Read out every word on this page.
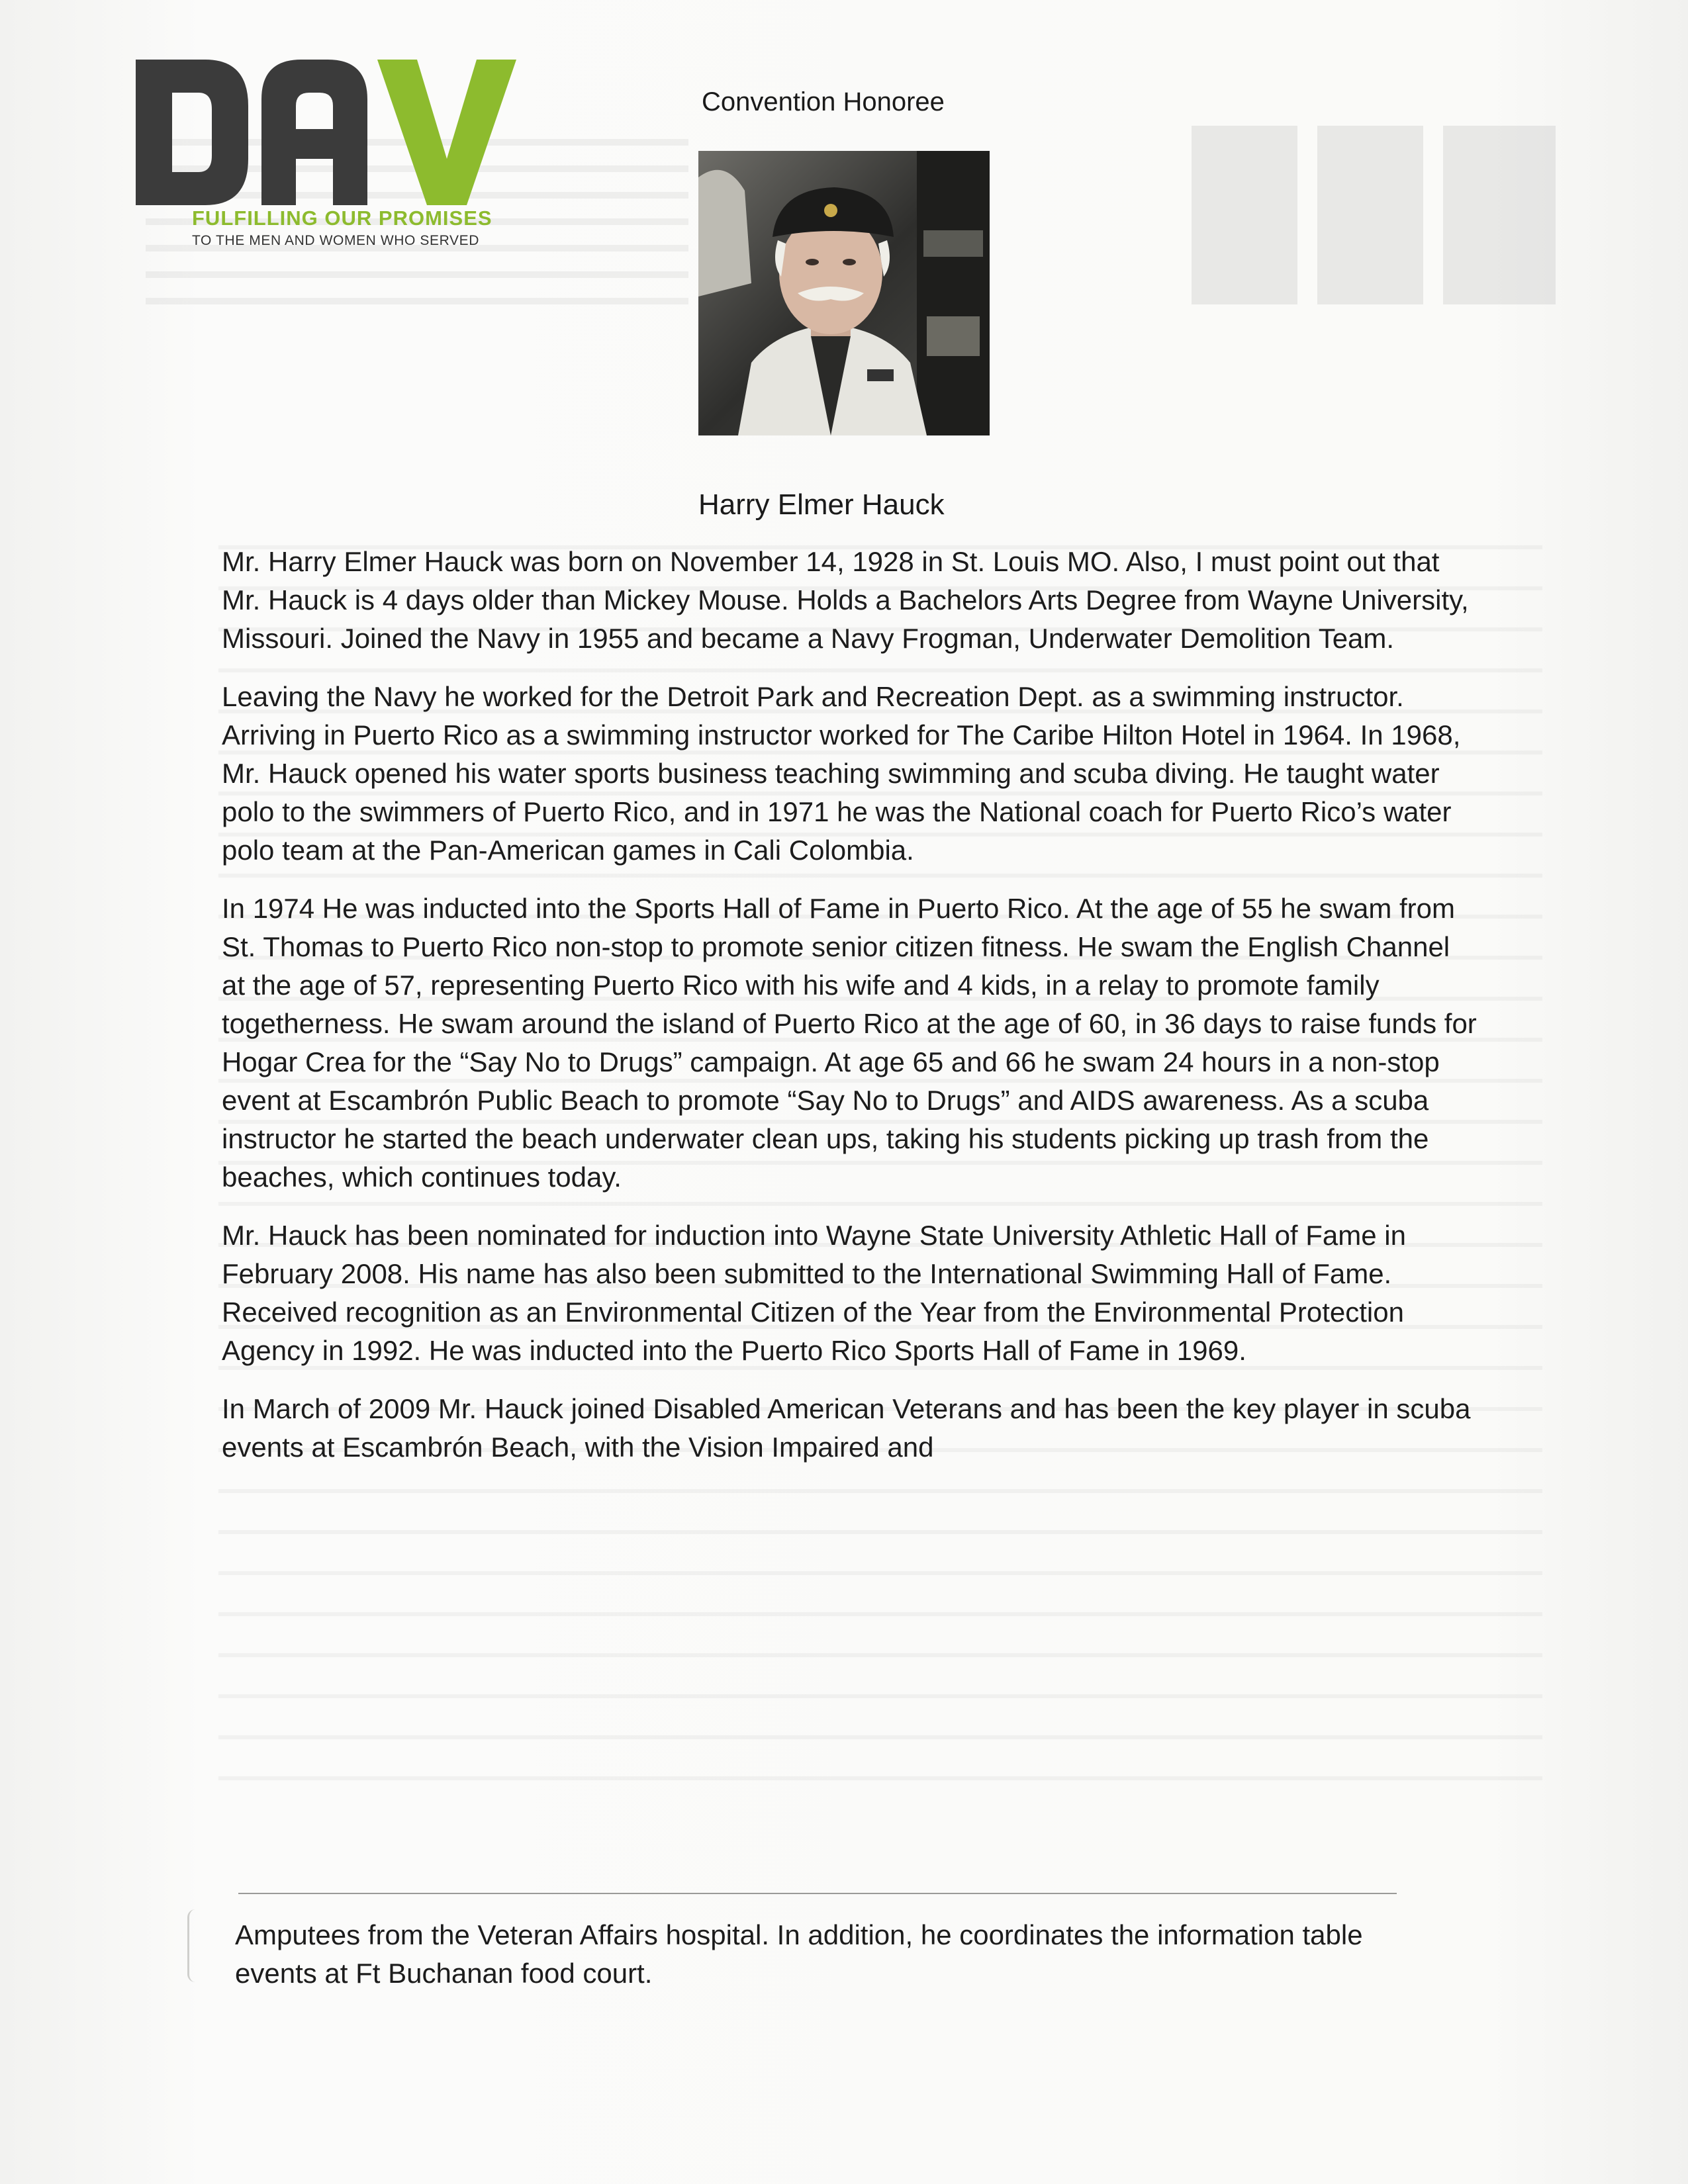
FULFILLING OUR PROMISES
TO THE MEN AND WOMEN WHO SERVED
Convention Honoree
Harry Elmer Hauck

Mr. Harry Elmer Hauck was born on November 14, 1928 in St. Louis MO. Also, I must point out that Mr. Hauck is 4 days older than Mickey Mouse. Holds a Bachelors Arts Degree from Wayne University, Missouri. Joined the Navy in 1955 and became a Navy Frogman, Underwater Demolition Team.

Leaving the Navy he worked for the Detroit Park and Recreation Dept. as a swimming instructor. Arriving in Puerto Rico as a swimming instructor worked for The Caribe Hilton Hotel in 1964. In 1968, Mr. Hauck opened his water sports business teaching swimming and scuba diving. He taught water polo to the swimmers of Puerto Rico, and in 1971 he was the National coach for Puerto Rico’s water polo team at the Pan-American games in Cali Colombia.

In 1974 He was inducted into the Sports Hall of Fame in Puerto Rico. At the age of 55 he swam from St. Thomas to Puerto Rico non-stop to promote senior citizen fitness. He swam the English Channel at the age of 57, representing Puerto Rico with his wife and 4 kids, in a relay to promote family togetherness. He swam around the island of Puerto Rico at the age of 60, in 36 days to raise funds for Hogar Crea for the “Say No to Drugs” campaign. At age 65 and 66 he swam 24 hours in a non-stop event at Escambrón Public Beach to promote “Say No to Drugs” and AIDS awareness. As a scuba instructor he started the beach underwater clean ups, taking his students picking up trash from the beaches, which continues today.

Mr. Hauck has been nominated for induction into Wayne State University Athletic Hall of Fame in February 2008. His name has also been submitted to the International Swimming Hall of Fame. Received recognition as an Environmental Citizen of the Year from the Environmental Protection Agency in 1992. He was inducted into the Puerto Rico Sports Hall of Fame in 1969.

In March of 2009 Mr. Hauck joined Disabled American Veterans and has been the key player in scuba events at Escambrón Beach, with the Vision Impaired and

Amputees from the Veteran Affairs hospital. In addition, he coordinates the information table events at Ft Buchanan food court.
